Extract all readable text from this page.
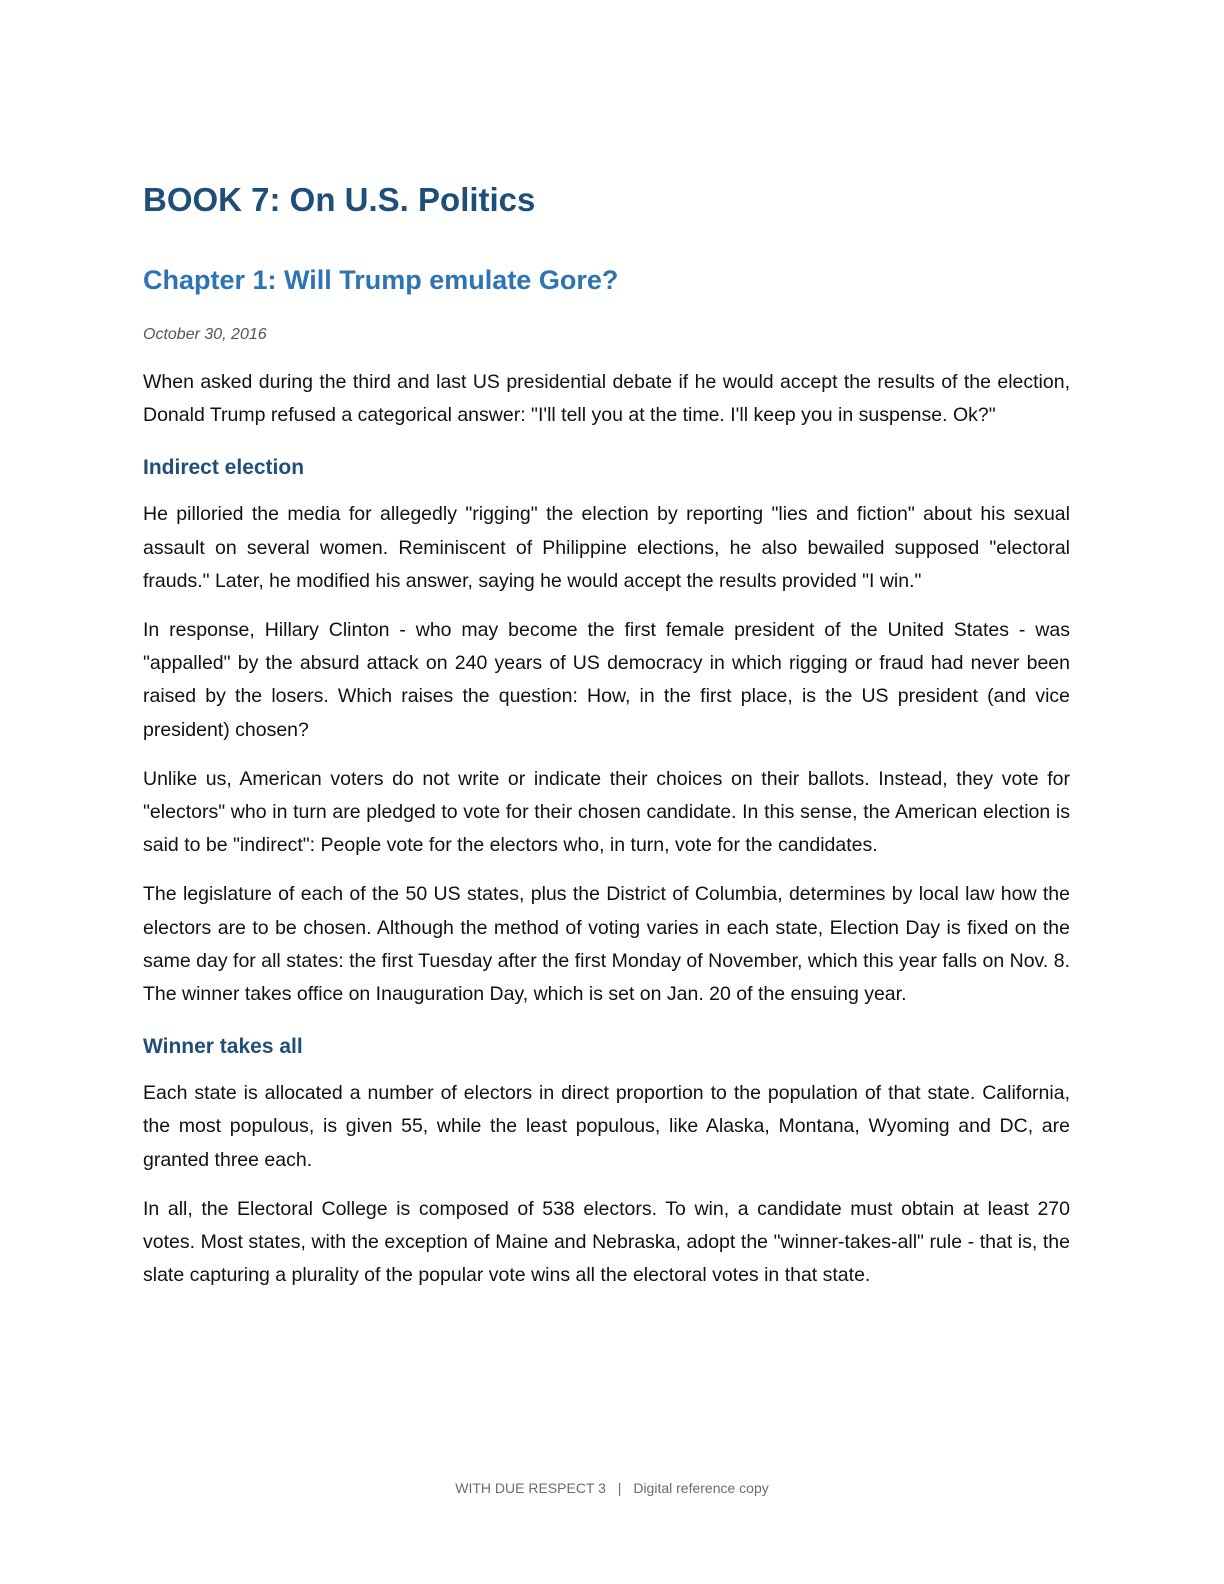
BOOK 7: On U.S. Politics
Chapter 1: Will Trump emulate Gore?

October 30, 2016

When asked during the third and last US presidential debate if he would accept the results of the election, Donald Trump refused a categorical answer: "I'll tell you at the time. I'll keep you in suspense. Ok?"

Indirect election

He pilloried the media for allegedly "rigging" the election by reporting "lies and fiction" about his sexual assault on several women. Reminiscent of Philippine elections, he also bewailed supposed "electoral frauds." Later, he modified his answer, saying he would accept the results provided "I win."

In response, Hillary Clinton - who may become the first female president of the United States - was "appalled" by the absurd attack on 240 years of US democracy in which rigging or fraud had never been raised by the losers. Which raises the question: How, in the first place, is the US president (and vice president) chosen?

Unlike us, American voters do not write or indicate their choices on their ballots. Instead, they vote for "electors" who in turn are pledged to vote for their chosen candidate. In this sense, the American election is said to be "indirect": People vote for the electors who, in turn, vote for the candidates.

The legislature of each of the 50 US states, plus the District of Columbia, determines by local law how the electors are to be chosen. Although the method of voting varies in each state, Election Day is fixed on the same day for all states: the first Tuesday after the first Monday of November, which this year falls on Nov. 8. The winner takes office on Inauguration Day, which is set on Jan. 20 of the ensuing year.

Winner takes all

Each state is allocated a number of electors in direct proportion to the population of that state. California, the most populous, is given 55, while the least populous, like Alaska, Montana, Wyoming and DC, are granted three each.

In all, the Electoral College is composed of 538 electors. To win, a candidate must obtain at least 270 votes. Most states, with the exception of Maine and Nebraska, adopt the "winner-takes-all" rule - that is, the slate capturing a plurality of the popular vote wins all the electoral votes in that state.

WITH DUE RESPECT 3 | Digital reference copy
